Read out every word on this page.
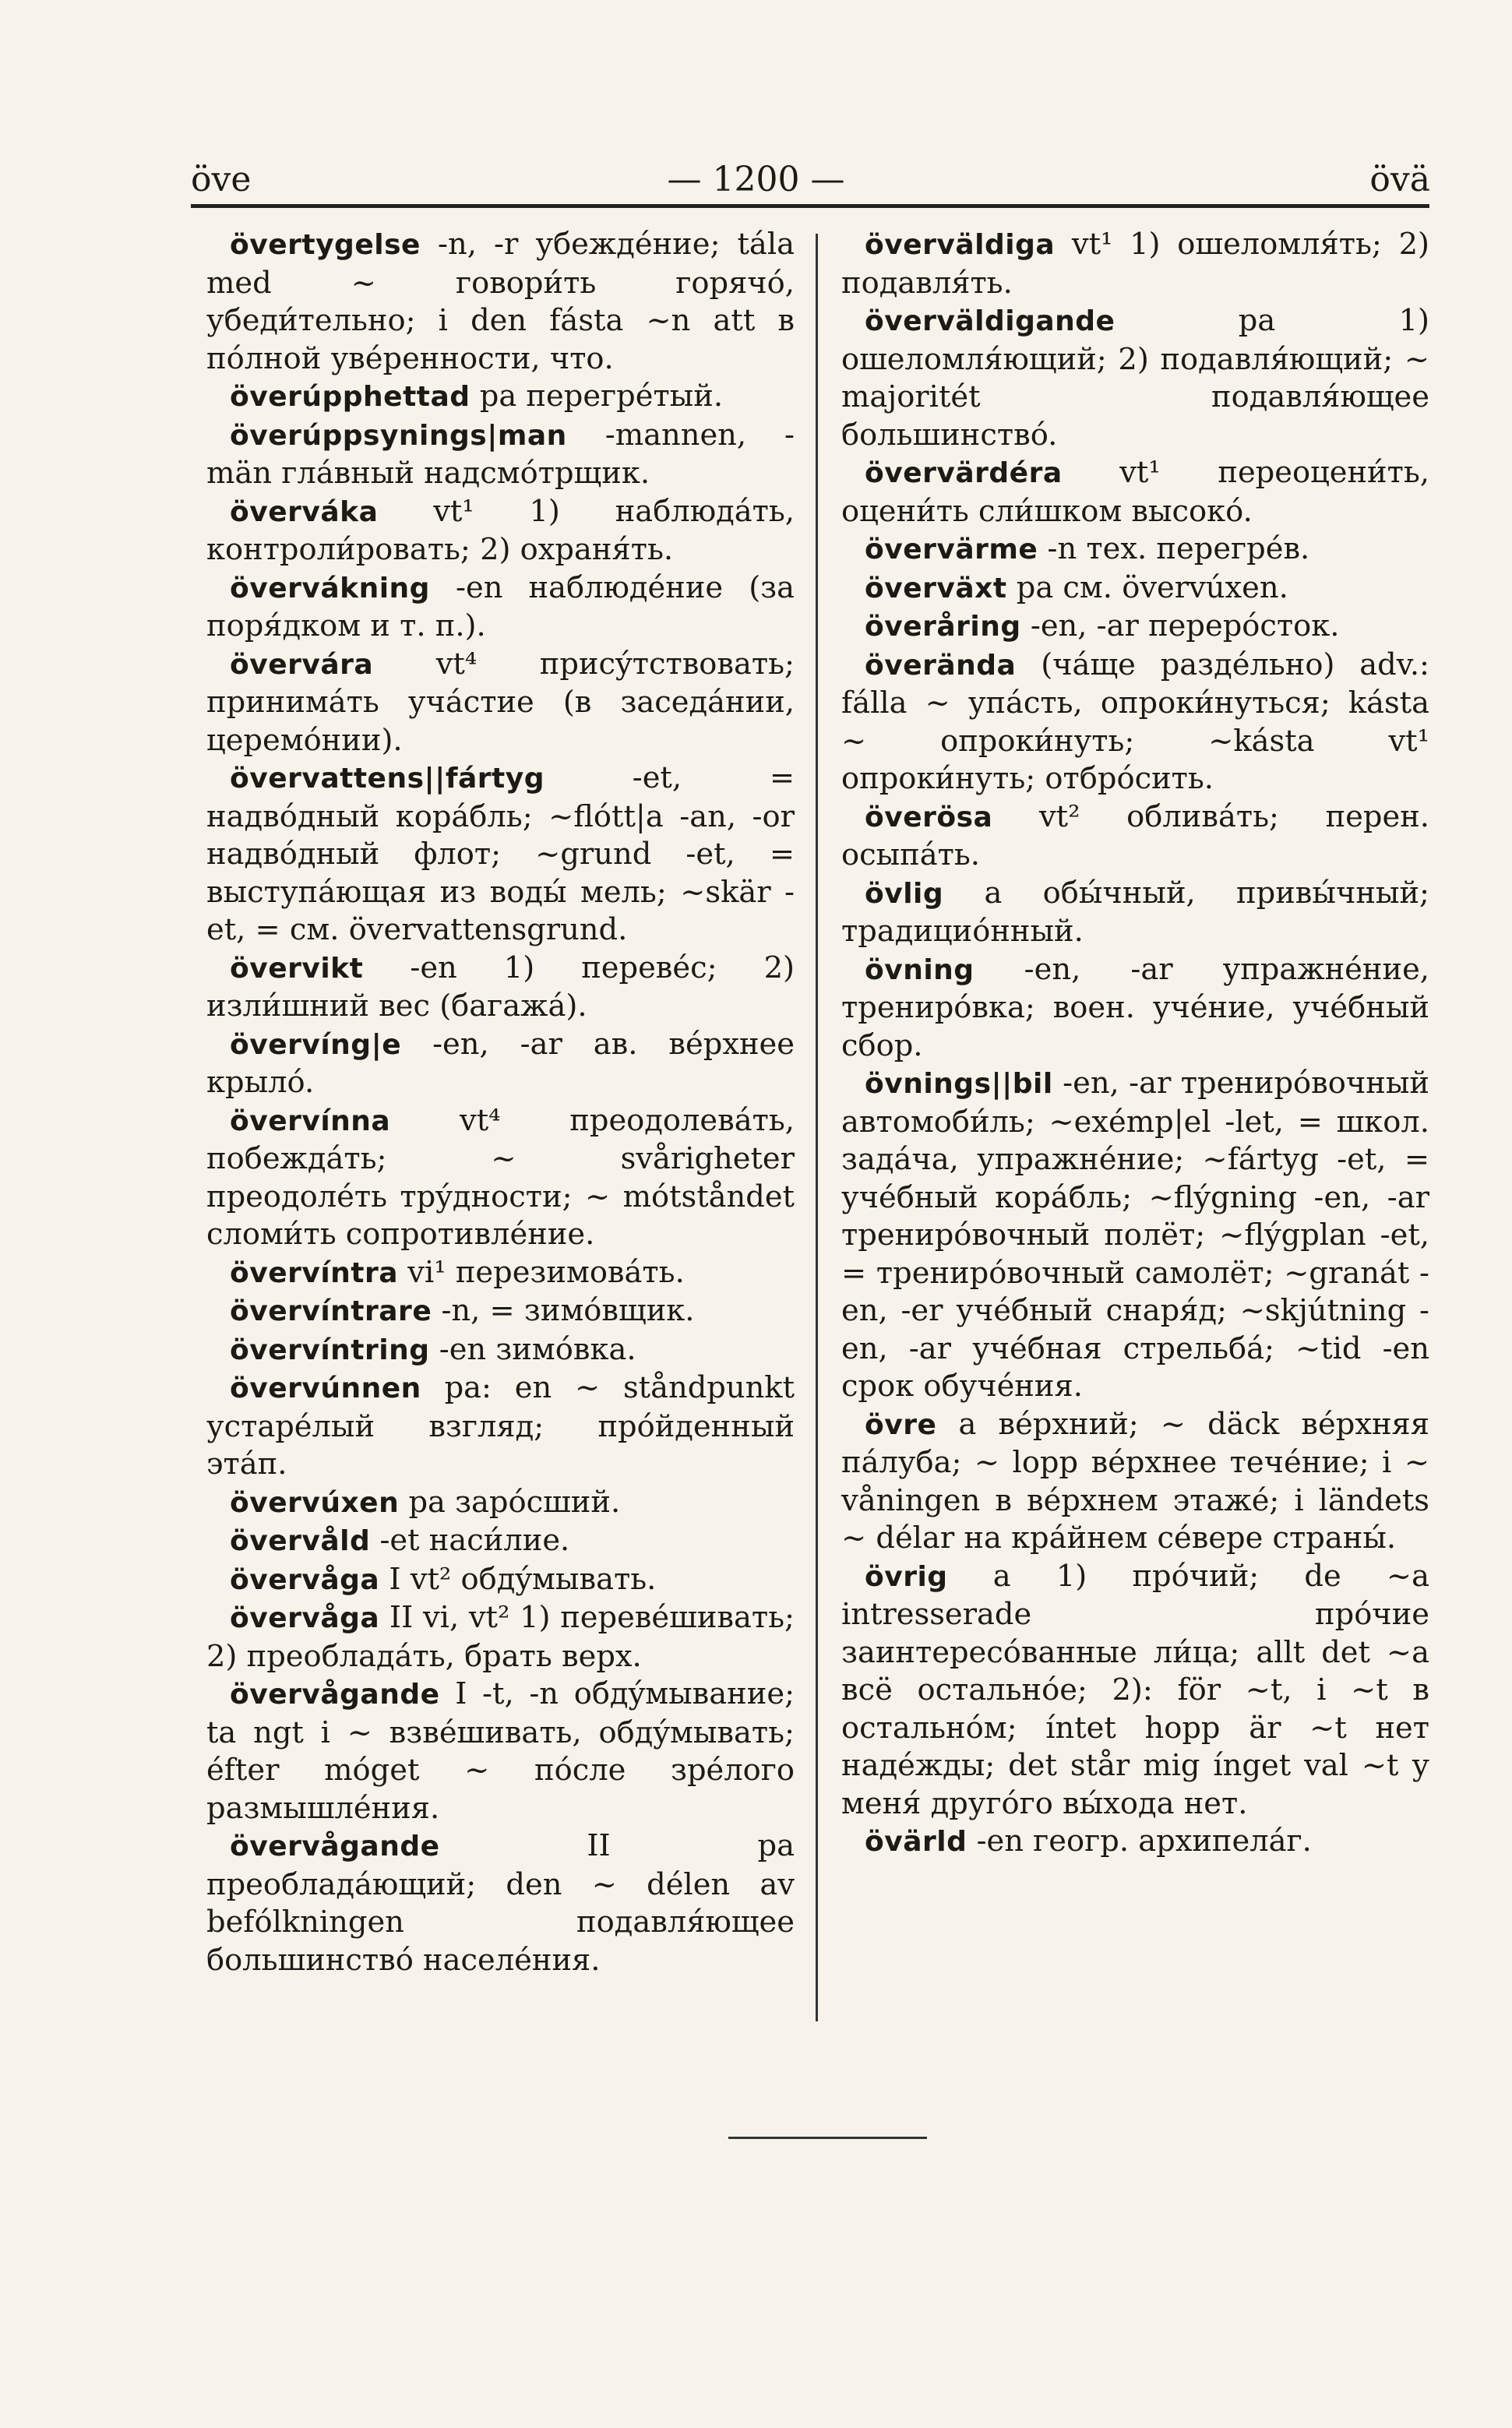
öve	— 1200 —	övä

övertygelse -n, -r убеждéние; tála med ~ говори́ть горячó, убеди́тельно; i den fásta ~n att в пóлной увéренности, что.

överúpphettad pa перегрéтый.

överúppsynings|man -mannen, -män глáвный надсмóтрщик.

överváka vt¹ 1) наблюдáть, контроли́ровать; 2) охраня́ть.

övervákning -en наблюдéние (за поря́дком и т. п.).

övervára vt⁴ присýтствовать; принимáть учáстие (в заседáнии, церемóнии).

övervattens||fártyg -et, = надвóдный корáбль; ~flótt|a -an, -or надвóдный флот; ~grund -et, = выступáющая из воды́ мель; ~skär -et, = см. övervattensgrund.

övervikt -en 1) перевéс; 2) изли́шний вес (багажá).

övervíng|e -en, -ar ав. вéрхнее крылó.

övervínna vt⁴ преодолевáть, побеждáть; ~ svårigheter преодолéть трýдности; ~ mótståndet сломи́ть сопротивлéние.

övervíntra vi¹ перезимовáть.

övervíntrare -n, = зимóвщик.

övervíntring -en зимóвка.

övervúnnen pa: en ~ ståndpunkt устарéлый взгляд; прóйденный этáп.

övervúxen pa зарóсший.

övervåld -et наси́лие.

övervåga I vt² обдýмывать.

övervåga II vi, vt² 1) перевéшивать; 2) преобладáть, брать верх.

övervågande I -t, -n обдýмывание; ta ngt i ~ взвéшивать, обдýмывать; éfter móget ~ пóсле зрéлого размышлéния.

övervågande II pa преоблада́ющий; den ~ délen av befólkningen подавля́ющее большинствó населéния.

överväldiga vt¹ 1) ошеломля́ть; 2) подавля́ть.

överväldigande pa 1) ошеломля́ющий; 2) подавля́ющий; ~ majoritét подавля́ющее большинствó.

övervärdéra vt¹ переоцени́ть, оцени́ть сли́шком высокó.

övervärme -n тех. перегрéв.

överväxt pa см. övervúxen.

överåring -en, -ar перерóсток.

överända (чáще раздéльно) adv.: fálla ~ упáсть, опроки́нуться; kásta ~ опроки́нуть; ~kásta vt¹ опроки́нуть; отбрóсить.

överösa vt² обливáть; перен. осыпáть.

övlig a обы́чный, привы́чный; традициóнный.

övning -en, -ar упражнéние, тренирóвка; воен. учéние, учéбный сбор.

övnings||bil -en, -ar тренирóвочный автомоби́ль; ~exémp|el -let, = школ. задáча, упражнéние; ~fártyg -et, = учéбный корáбль; ~flýgning -en, -ar тренирóвочный полёт; ~flýgplan -et, = тренирóвочный самолёт; ~granát -en, -er учéбный снаря́д; ~skjútning -en, -ar учéбная стрельбá; ~tid -en срок обучéния.

övre a вéрхний; ~ däck вéрхняя пáлуба; ~ lopp вéрхнее течéние; i ~ våningen в вéрхнем этажé; i ländets ~ délar на крáйнем сéвере страны́.

övrig a 1) прóчий; de ~a intresserade прóчие заинтересóванные ли́ца; allt det ~a всё остальнóе; 2): för ~t, i ~t в остальнóм; íntet hopp är ~t нет надéжды; det står mig ínget val ~t у меня́ другóго вы́хода нет.

övärld -en геогр. архипелáг.
